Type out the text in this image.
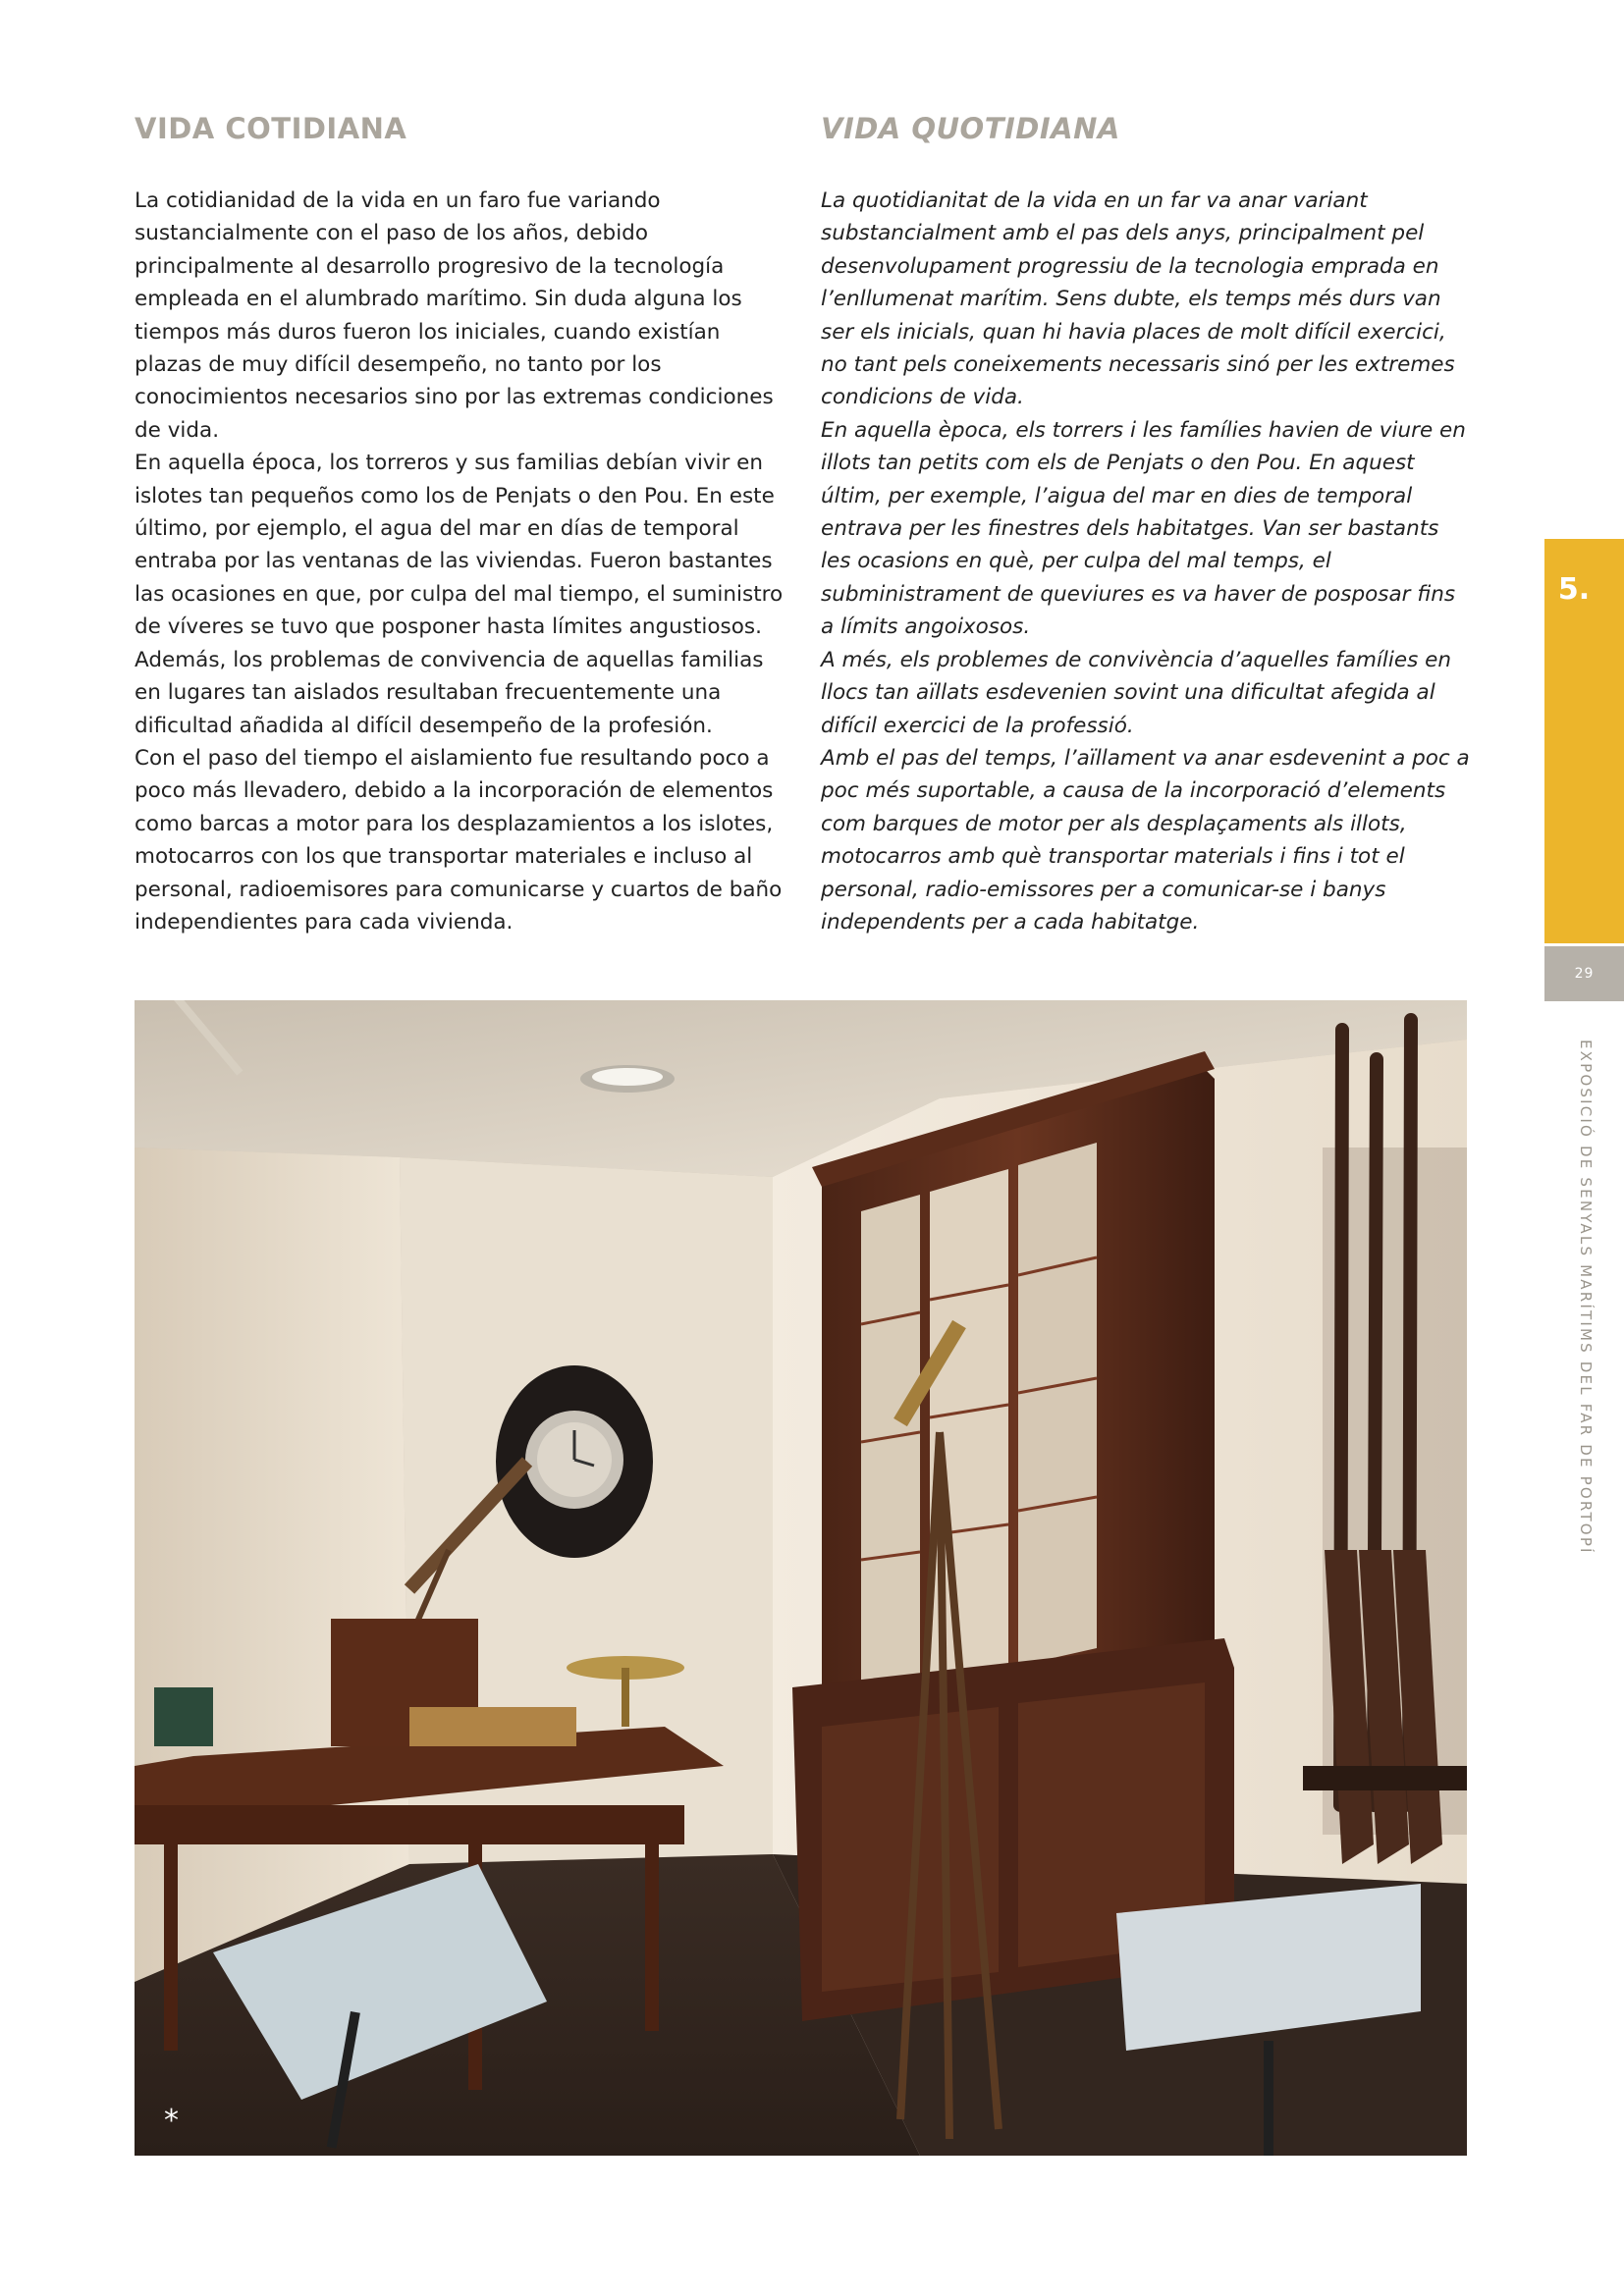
VIDA COTIDIANA

La cotidianidad de la vida en un faro fue variando sustancialmente con el paso de los años, debido principalmente al desarrollo progresivo de la tecnología empleada en el alumbrado marítimo. Sin duda alguna los tiempos más duros fueron los iniciales, cuando existían plazas de muy difícil desempeño, no tanto por los conocimientos necesarios sino por las extremas condiciones de vida.

En aquella época, los torreros y sus familias debían vivir en islotes tan pequeños como los de Penjats o den Pou. En este último, por ejemplo, el agua del mar en días de temporal entraba por las ventanas de las viviendas. Fueron bastantes las ocasiones en que, por culpa del mal tiempo, el suministro de víveres se tuvo que posponer hasta límites angustiosos.

Además, los problemas de convivencia de aquellas familias en lugares tan aislados resultaban frecuentemente una dificultad añadida al difícil desempeño de la profesión.

Con el paso del tiempo el aislamiento fue resultando poco a poco más llevadero, debido a la incorporación de elementos como barcas a motor para los desplazamientos a los islotes, motocarros con los que transportar materiales e incluso al personal, radioemisores para comunicarse y cuartos de baño independientes para cada vivienda.

VIDA QUOTIDIANA

La quotidianitat de la vida en un far va anar variant substancialment amb el pas dels anys, principalment pel desenvolupament progressiu de la tecnologia emprada en l’enllumenat marítim. Sens dubte, els temps més durs van ser els inicials, quan hi havia places de molt difícil exercici, no tant pels coneixements necessaris sinó per les extremes condicions de vida.

En aquella època, els torrers i les famílies havien de viure en illots tan petits com els de Penjats o den Pou. En aquest últim, per exemple, l’aigua del mar en dies de temporal entrava per les finestres dels habitatges. Van ser bastants les ocasions en què, per culpa del mal temps, el subministrament de queviures es va haver de posposar fins a límits angoixosos.

A més, els problemes de convivència d’aquelles famílies en llocs tan aïllats esdevenien sovint una dificultat afegida al difícil exercici de la professió.

Amb el pas del temps, l’aïllament va anar esdevenint a poc a poc més suportable, a causa de la incorporació d’elements com barques de motor per als desplaçaments als illots, motocarros amb què transportar materials i fins i tot el personal, radio-emissores per a comunicar-se i banys independents per a cada habitatge.

5.
29
EXPOSICIÓ DE SENYALS MARÍTIMS DEL FAR DE PORTOPÍ
*
